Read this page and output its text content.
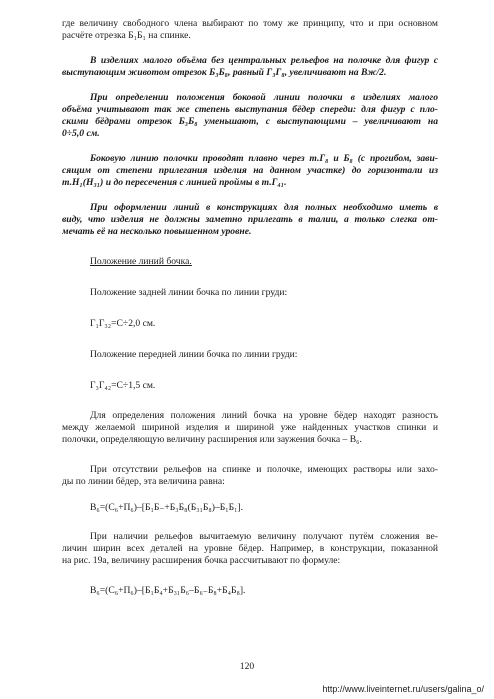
где величину свободного члена выбирают по тому же принципу, что и при основном
расчёте отрезка Б₁Б₁ на спинке.
В изделиях малого объёма без центральных рельефов на полочке для фигур с
выступающим животом отрезок Б₃Б₈, равный Г₃Г₈, увеличивают на Вж/2.
При определении положения боковой линии полочки в изделиях малого
объёма учитывают так же степень выступания бёдер спереди: для фигур с пло-
скими бёдрами отрезок Б₃Б₈ уменьшают, с выступающими – увеличивают на
0÷5,0 см.
Боковую линию полочки проводят плавно через т.Г₈ и Б₈ (с прогибом, зави-
сящим от степени прилегания изделия на данном участке) до горизонтали из
т.Н₁(Н₃₁) и до пересечения с линией проймы в т.Г₄₁.
При оформлении линий в конструкциях для полных необходимо иметь в
виду, что изделия не должны заметно прилегать в талии, а только слегка от-
мечать её на несколько повышенном уровне.
Положение линий бочка.
Положение задней линии бочка по линии груди:
Г₁Г₃₂=С÷2,0 см.
Положение передней линии бочка по линии груди:
Г₃Г₄₂=С÷1,5 см.
Для определения положения линий бочка на уровне бёдер находят разность
между желаемой шириной изделия и шириной уже найденных участков спинки и
полочки, определяющую величину расширения или заужения бочка – В₆.
При отсутствии рельефов на спинке и полочке, имеющих растворы или захо-
ды по линии бёдер, эта величина равна:
В₆=(С₆+П₆)–[Б₁Б₋+Б₃Б₈(Б₃₁Б₈)–Б₁Б₁].
При наличии рельефов вычитаемую величину получают путём сложения ве-
личин ширин всех деталей на уровне бёдер. Например, в конструкции, показанной
на рис. 19а, величину расширения бочка рассчитывают по формуле:
В₆=(С₆+П₆)–[Б₁Б₄+Б₃₁Б₆–Б₆₋Б₈+Б₄Б₈].
120
http://www.liveinternet.ru/users/galina_o/
